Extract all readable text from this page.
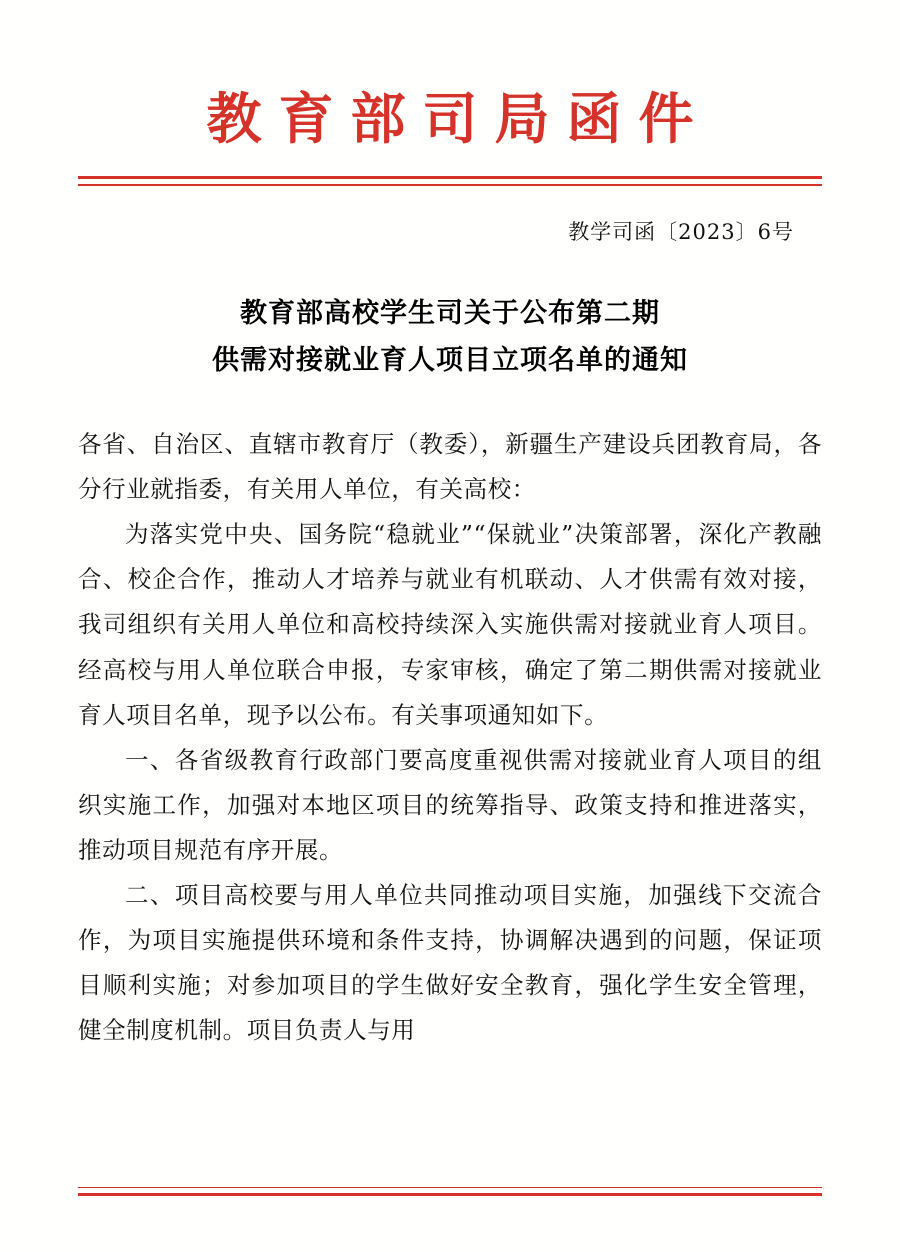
教育部司局函件
教学司函〔2023〕6号
教育部高校学生司关于公布第二期
供需对接就业育人项目立项名单的通知

各省、自治区、直辖市教育厅（教委），新疆生产建设兵团教育局，各分行业就指委，有关用人单位，有关高校：

为落实党中央、国务院“稳就业”“保就业”决策部署，深化产教融合、校企合作，推动人才培养与就业有机联动、人才供需有效对接，我司组织有关用人单位和高校持续深入实施供需对接就业育人项目。经高校与用人单位联合申报，专家审核，确定了第二期供需对接就业育人项目名单，现予以公布。有关事项通知如下。

一、各省级教育行政部门要高度重视供需对接就业育人项目的组织实施工作，加强对本地区项目的统筹指导、政策支持和推进落实，推动项目规范有序开展。

二、项目高校要与用人单位共同推动项目实施，加强线下交流合作，为项目实施提供环境和条件支持，协调解决遇到的问题，保证项目顺利实施；对参加项目的学生做好安全教育，强化学生安全管理，健全制度机制。项目负责人与用
